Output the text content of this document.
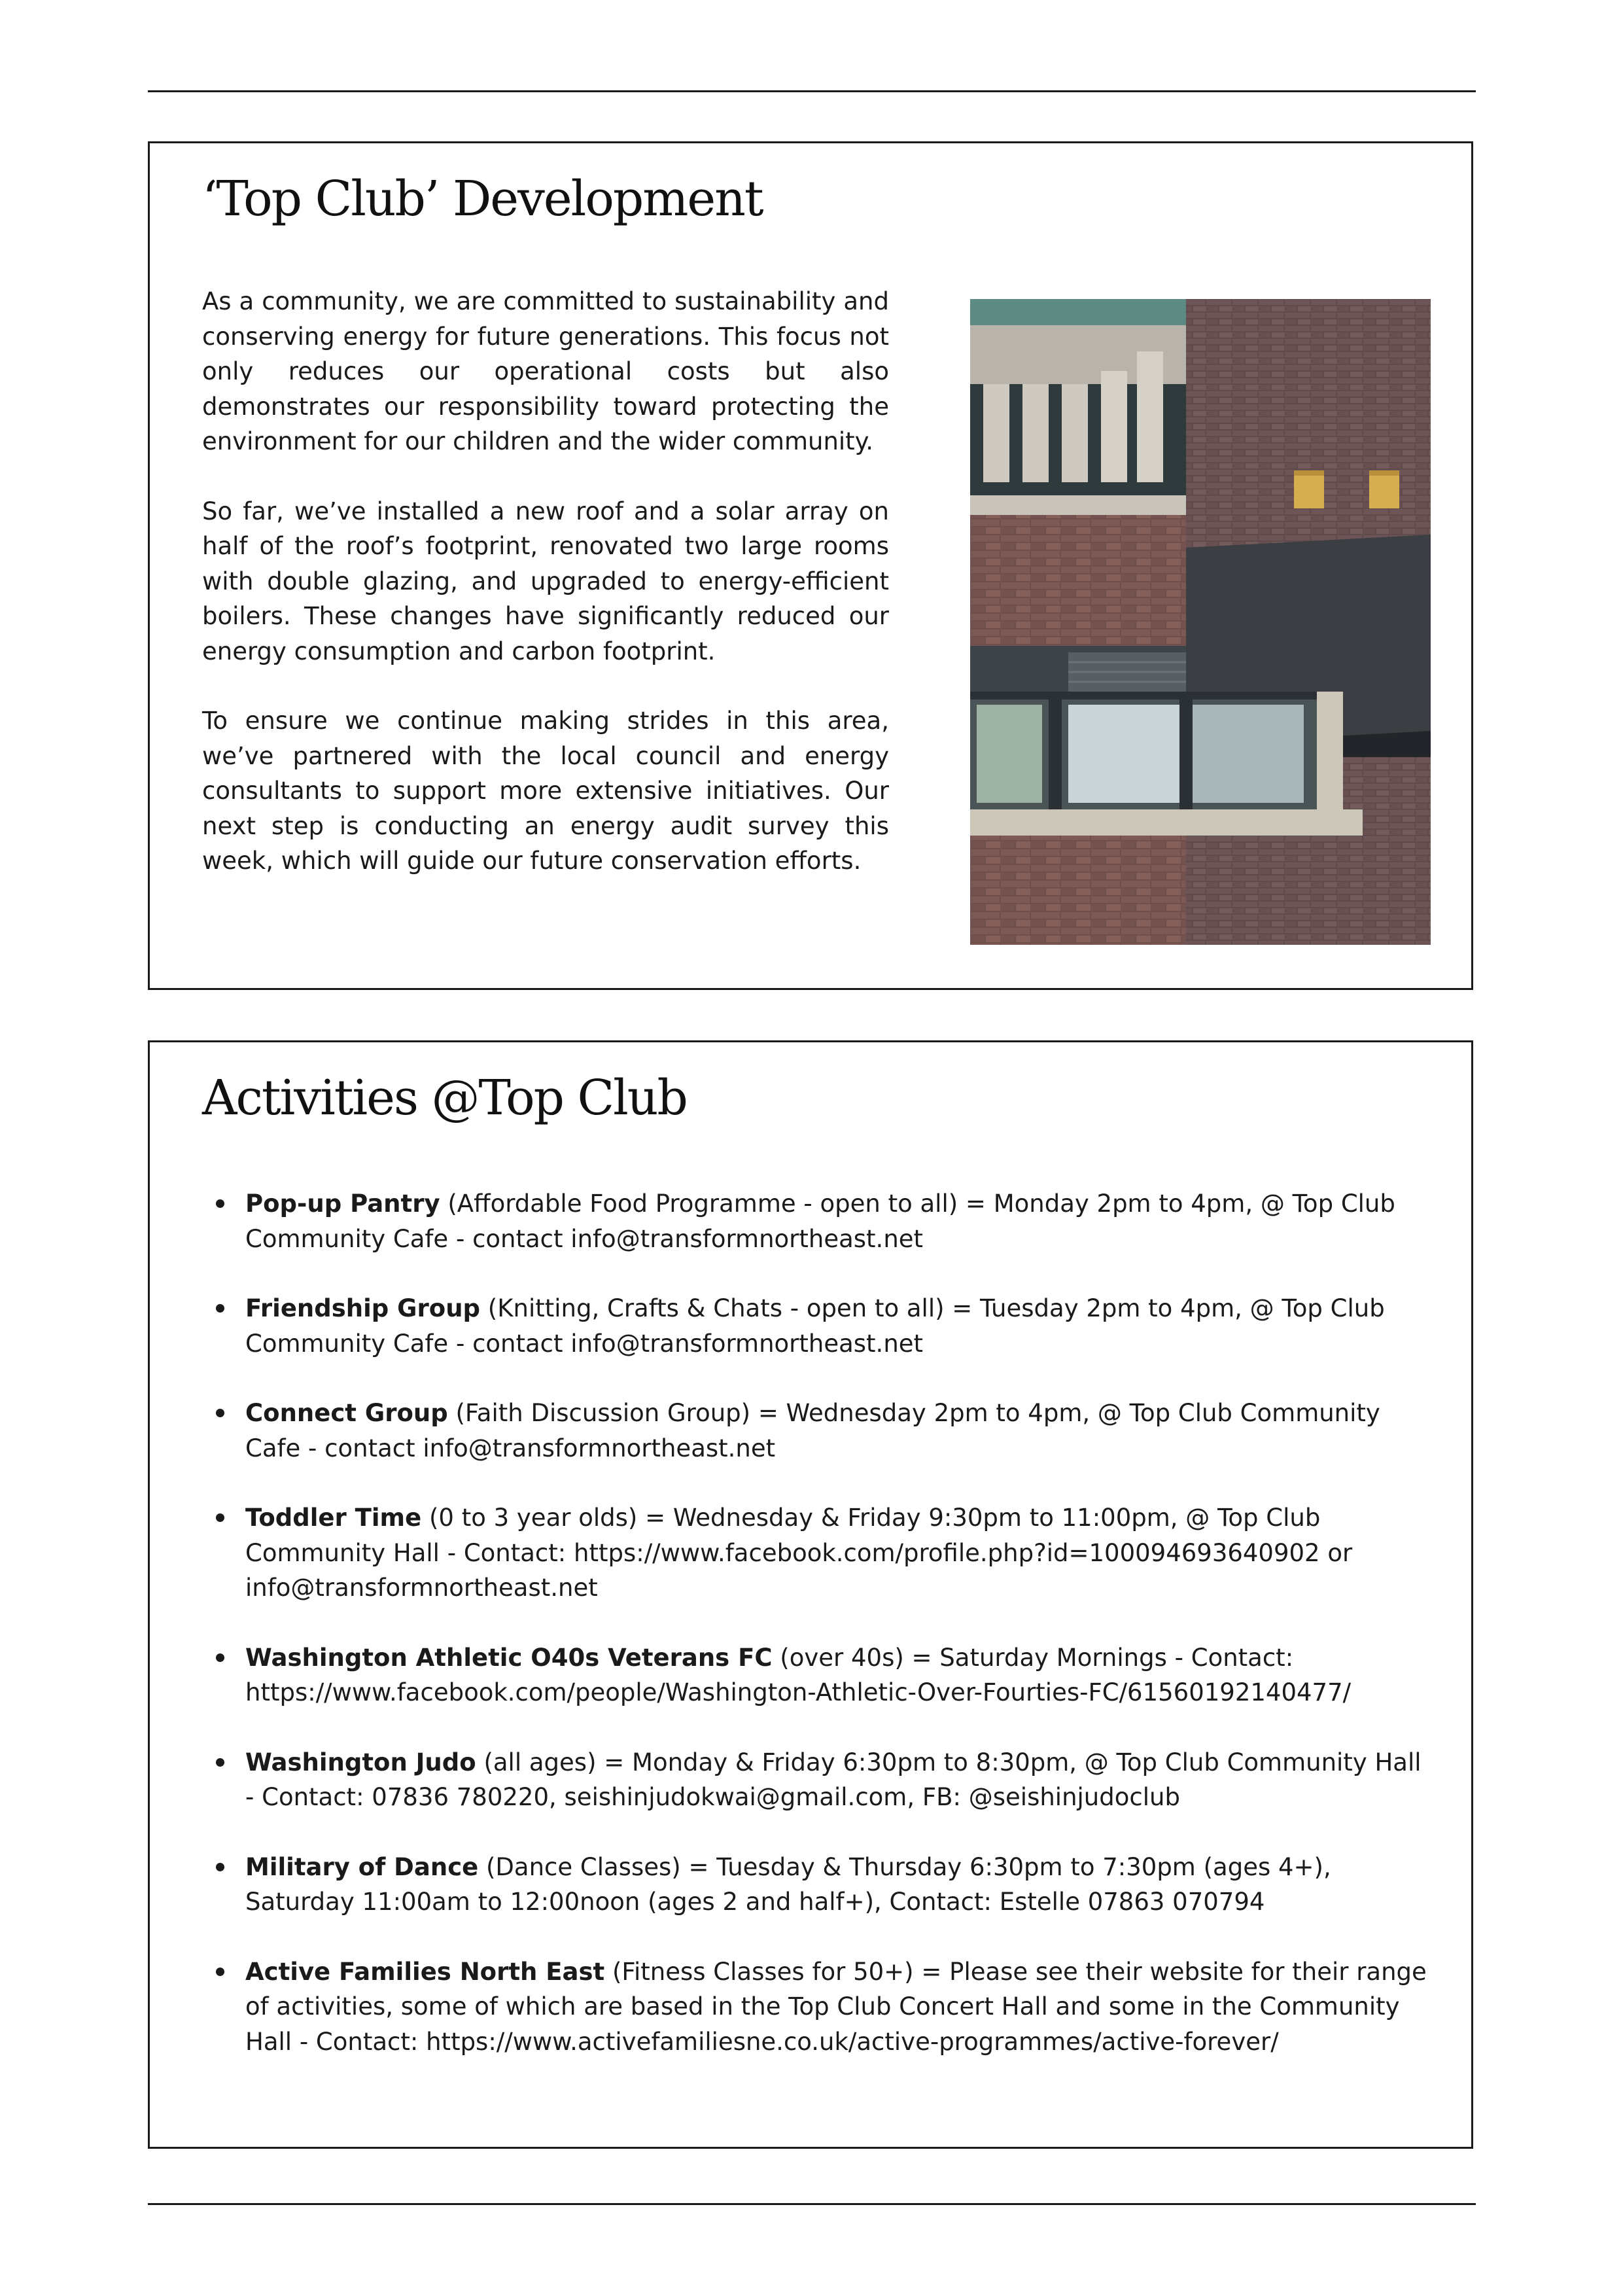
‘Top Club’ Development

As a community, we are committed to sustainability and conserving energy for future generations. This focus not only reduces our operational costs but also demonstrates our responsibility toward protecting the environment for our children and the wider community.

So far, we’ve installed a new roof and a solar array on half of the roof’s footprint, renovated two large rooms with double glazing, and upgraded to energy-efficient boilers. These changes have significantly reduced our energy consumption and carbon footprint.

To ensure we continue making strides in this area, we’ve partnered with the local council and energy consultants to support more extensive initiatives. Our next step is conducting an energy audit survey this week, which will guide our future conservation efforts.

Activities @Top Club
Pop-up Pantry (Affordable Food Programme - open to all) = Monday 2pm to 4pm, @ Top Club Community Cafe - contact info@transformnortheast.net
Friendship Group (Knitting, Crafts & Chats - open to all) = Tuesday 2pm to 4pm, @ Top Club Community Cafe - contact info@transformnortheast.net
Connect Group (Faith Discussion Group) = Wednesday 2pm to 4pm, @ Top Club Community Cafe - contact info@transformnortheast.net
Toddler Time (0 to 3 year olds) = Wednesday & Friday 9:30pm to 11:00pm, @ Top Club Community Hall - Contact: https://www.facebook.com/profile.php?id=100094693640902 or info@transformnortheast.net
Washington Athletic O40s Veterans FC (over 40s) = Saturday Mornings - Contact: https://www.facebook.com/people/Washington-Athletic-Over-Fourties-FC/61560192140477/
Washington Judo (all ages) = Monday & Friday 6:30pm to 8:30pm, @ Top Club Community Hall - Contact: 07836 780220, seishinjudokwai@gmail.com, FB: @seishinjudoclub
Military of Dance (Dance Classes) = Tuesday & Thursday 6:30pm to 7:30pm (ages 4+), Saturday 11:00am to 12:00noon (ages 2 and half+), Contact: Estelle 07863 070794
Active Families North East (Fitness Classes for 50+) = Please see their website for their range of activities, some of which are based in the Top Club Concert Hall and some in the Community Hall - Contact: https://www.activefamiliesne.co.uk/active-programmes/active-forever/
